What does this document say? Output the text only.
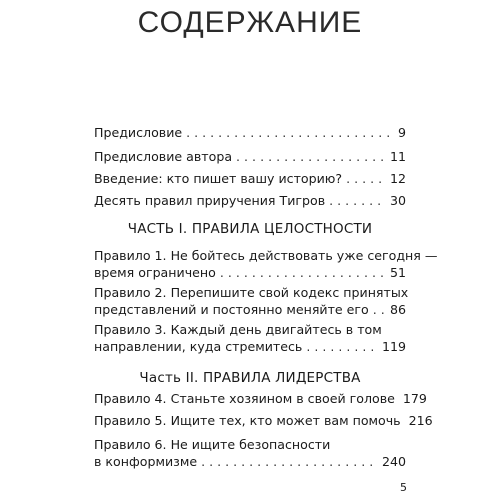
СОДЕРЖАНИЕ
Предисловие . . .	9
Предисловие автора . . .	11
Введение: кто пишет вашу историю? . . .	12
Десять правил приручения Тигров . . .	30
ЧАСТЬ I. ПРАВИЛА ЦЕЛОСТНОСТИ
Правило 1. Не бойтесь действовать уже сегодня —
время ограничено . . .	51
Правило 2. Перепишите свой кодекс принятых
представлений и постоянно меняйте его . . . 86
Правило 3. Каждый день двигайтесь в том
направлении, куда стремитесь . . .	119
Часть II. ПРАВИЛА ЛИДЕРСТВА
Правило 4. Станьте хозяином в своей голове 179
Правило 5. Ищите тех, кто может вам помочь 216
Правило 6. Не ищите безопасности
в конформизме . . .	240
5
